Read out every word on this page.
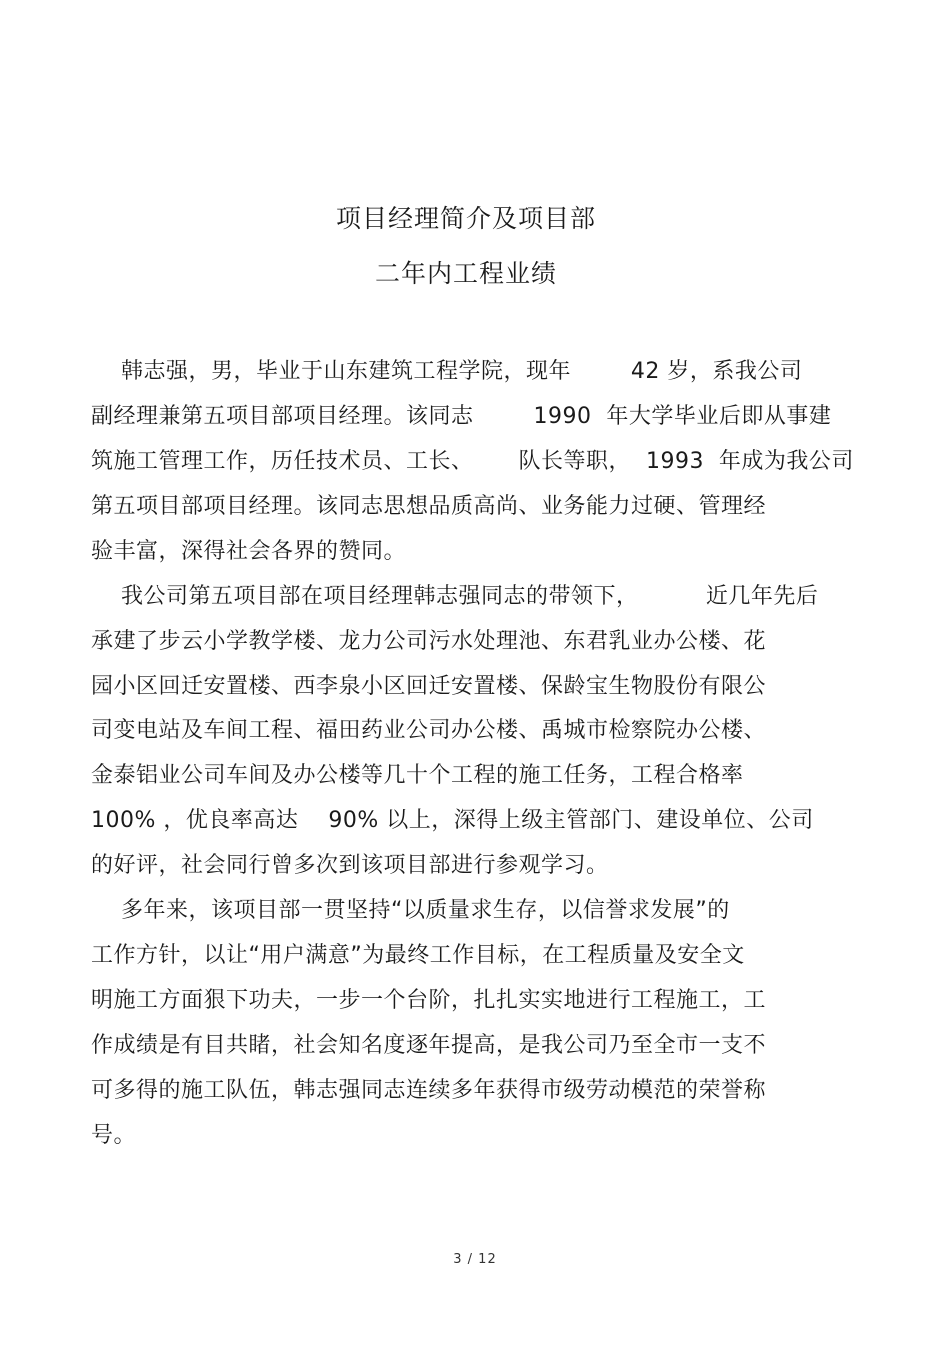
项目经理简介及项目部
二年内工程业绩
韩志强，男，毕业于山东建筑工程学院，现年        42 岁，系我公司
副经理兼第五项目部项目经理。该同志        1990  年大学毕业后即从事建
筑施工管理工作，历任技术员、工长、      队长等职，  1993  年成为我公司
第五项目部项目经理。该同志思想品质高尚、业务能力过硬、管理经
验丰富，深得社会各界的赞同。
我公司第五项目部在项目经理韩志强同志的带领下，         近几年先后
承建了步云小学教学楼、龙力公司污水处理池、东君乳业办公楼、花
园小区回迁安置楼、西李泉小区回迁安置楼、保龄宝生物股份有限公
司变电站及车间工程、福田药业公司办公楼、禹城市检察院办公楼、
金泰铝业公司车间及办公楼等几十个工程的施工任务，工程合格率
100% ，优良率高达    90% 以上，深得上级主管部门、建设单位、公司
的好评，社会同行曾多次到该项目部进行参观学习。
多年来，该项目部一贯坚持“以质量求生存，以信誉求发展”的
工作方针，以让“用户满意”为最终工作目标，在工程质量及安全文
明施工方面狠下功夫，一步一个台阶，扎扎实实地进行工程施工，工
作成绩是有目共睹，社会知名度逐年提高，是我公司乃至全市一支不
可多得的施工队伍，韩志强同志连续多年获得市级劳动模范的荣誉称
号。
3 / 12
